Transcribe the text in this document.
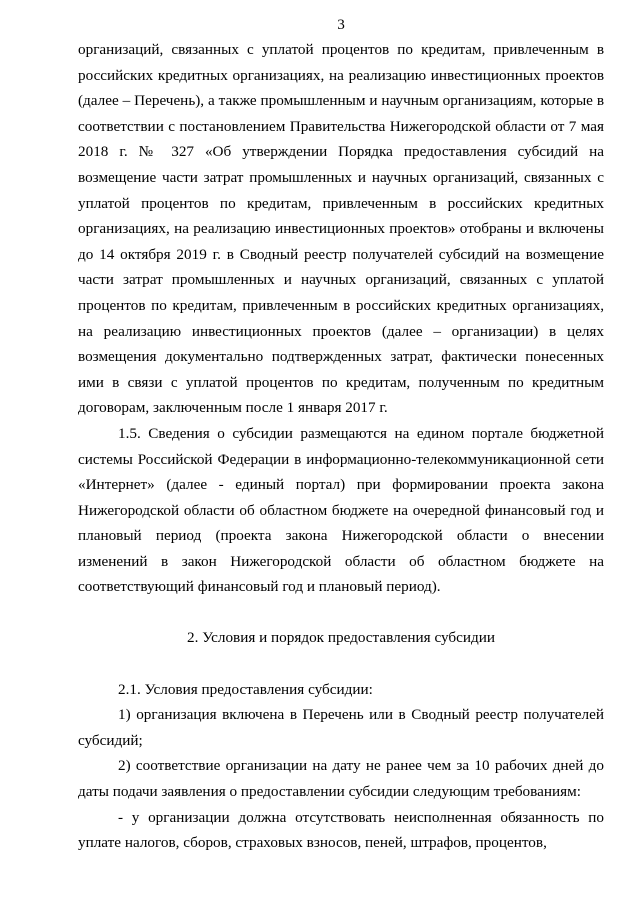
3

организаций, связанных с уплатой процентов по кредитам, привлеченным в российских кредитных организациях, на реализацию инвестиционных проектов (далее – Перечень), а также промышленным и научным организациям, которые в соответствии с постановлением Правительства Нижегородской области от 7 мая 2018 г. № 327 «Об утверждении Порядка предоставления субсидий на возмещение части затрат промышленных и научных организаций, связанных с уплатой процентов по кредитам, привлеченным в российских кредитных организациях, на реализацию инвестиционных проектов» отобраны и включены до 14 октября 2019 г. в Сводный реестр получателей субсидий на возмещение части затрат промышленных и научных организаций, связанных с уплатой процентов по кредитам, привлеченным в российских кредитных организациях, на реализацию инвестиционных проектов (далее – организации) в целях возмещения документально подтвержденных затрат, фактически понесенных ими в связи с уплатой процентов по кредитам, полученным по кредитным договорам, заключенным после 1 января 2017 г.

1.5. Сведения о субсидии размещаются на едином портале бюджетной системы Российской Федерации в информационно-телекоммуникационной сети «Интернет» (далее - единый портал) при формировании проекта закона Нижегородской области об областном бюджете на очередной финансовый год и плановый период (проекта закона Нижегородской области о внесении изменений в закон Нижегородской области об областном бюджете на соответствующий финансовый год и плановый период).

2. Условия и порядок предоставления субсидии

2.1. Условия предоставления субсидии:

1) организация включена в Перечень или в Сводный реестр получателей субсидий;

2) соответствие организации на дату не ранее чем за 10 рабочих дней до даты подачи заявления о предоставлении субсидии следующим требованиям:

- у организации должна отсутствовать неисполненная обязанность по уплате налогов, сборов, страховых взносов, пеней, штрафов, процентов,
